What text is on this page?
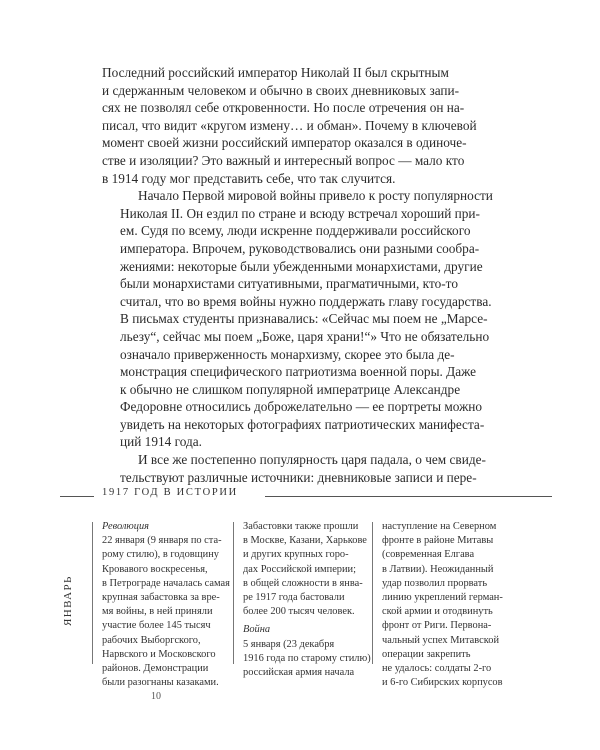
Последний российский император Николай II был скрытным
и сдержанным человеком и обычно в своих дневниковых запи-
сях не позволял себе откровенности. Но после отречения он на-
писал, что видит «кругом измену… и обман». Почему в ключевой
момент своей жизни российский император оказался в одиноче-
стве и изоляции? Это важный и интересный вопрос — мало кто
в 1914 году мог представить себе, что так случится.

Начало Первой мировой войны привело к росту популярности
Николая II. Он ездил по стране и всюду встречал хороший при-
ем. Судя по всему, люди искренне поддерживали российского
императора. Впрочем, руководствовались они разными сообра-
жениями: некоторые были убежденными монархистами, другие
были монархистами ситуативными, прагматичными, кто-то
считал, что во время войны нужно поддержать главу государства.
В письмах студенты признавались: «Сейчас мы поем не „Марсе-
льезу“, сейчас мы поем „Боже, царя храни!“» Что не обязательно
означало приверженность монархизму, скорее это была де-
монстрация специфического патриотизма военной поры. Даже
к обычно не слишком популярной императрице Александре
Федоровне относились доброжелательно — ее портреты можно
увидеть на некоторых фотографиях патриотических манифеста-
ций 1914 года.

И все же постепенно популярность царя падала, о чем свиде-
тельствуют различные источники: дневниковые записи и пере-

1917 ГОД В ИСТОРИИ
ЯНВАРЬ
Революция
22 января (9 января по ста-
рому стилю), в годовщину
Кровавого воскресенья,
в Петрограде началась самая
крупная забастовка за вре-
мя войны, в ней приняли
участие более 145 тысяч
рабочих Выборгского,
Нарвского и Московского
районов. Демонстрации
были разогнаны казаками.
Забастовки также прошли
в Москве, Казани, Харькове
и других крупных горо-
дах Российской империи;
в общей сложности в янва-
ре 1917 года бастовали
более 200 тысяч человек.
Война
5 января (23 декабря
1916 года по старому стилю)
российская армия начала
наступление на Северном
фронте в районе Митавы
(современная Елгава
в Латвии). Неожиданный
удар позволил прорвать
линию укреплений герман-
ской армии и отодвинуть
фронт от Риги. Первона-
чальный успех Митавской
операции закрепить
не удалось: солдаты 2-го
и 6-го Сибирских корпусов
10
